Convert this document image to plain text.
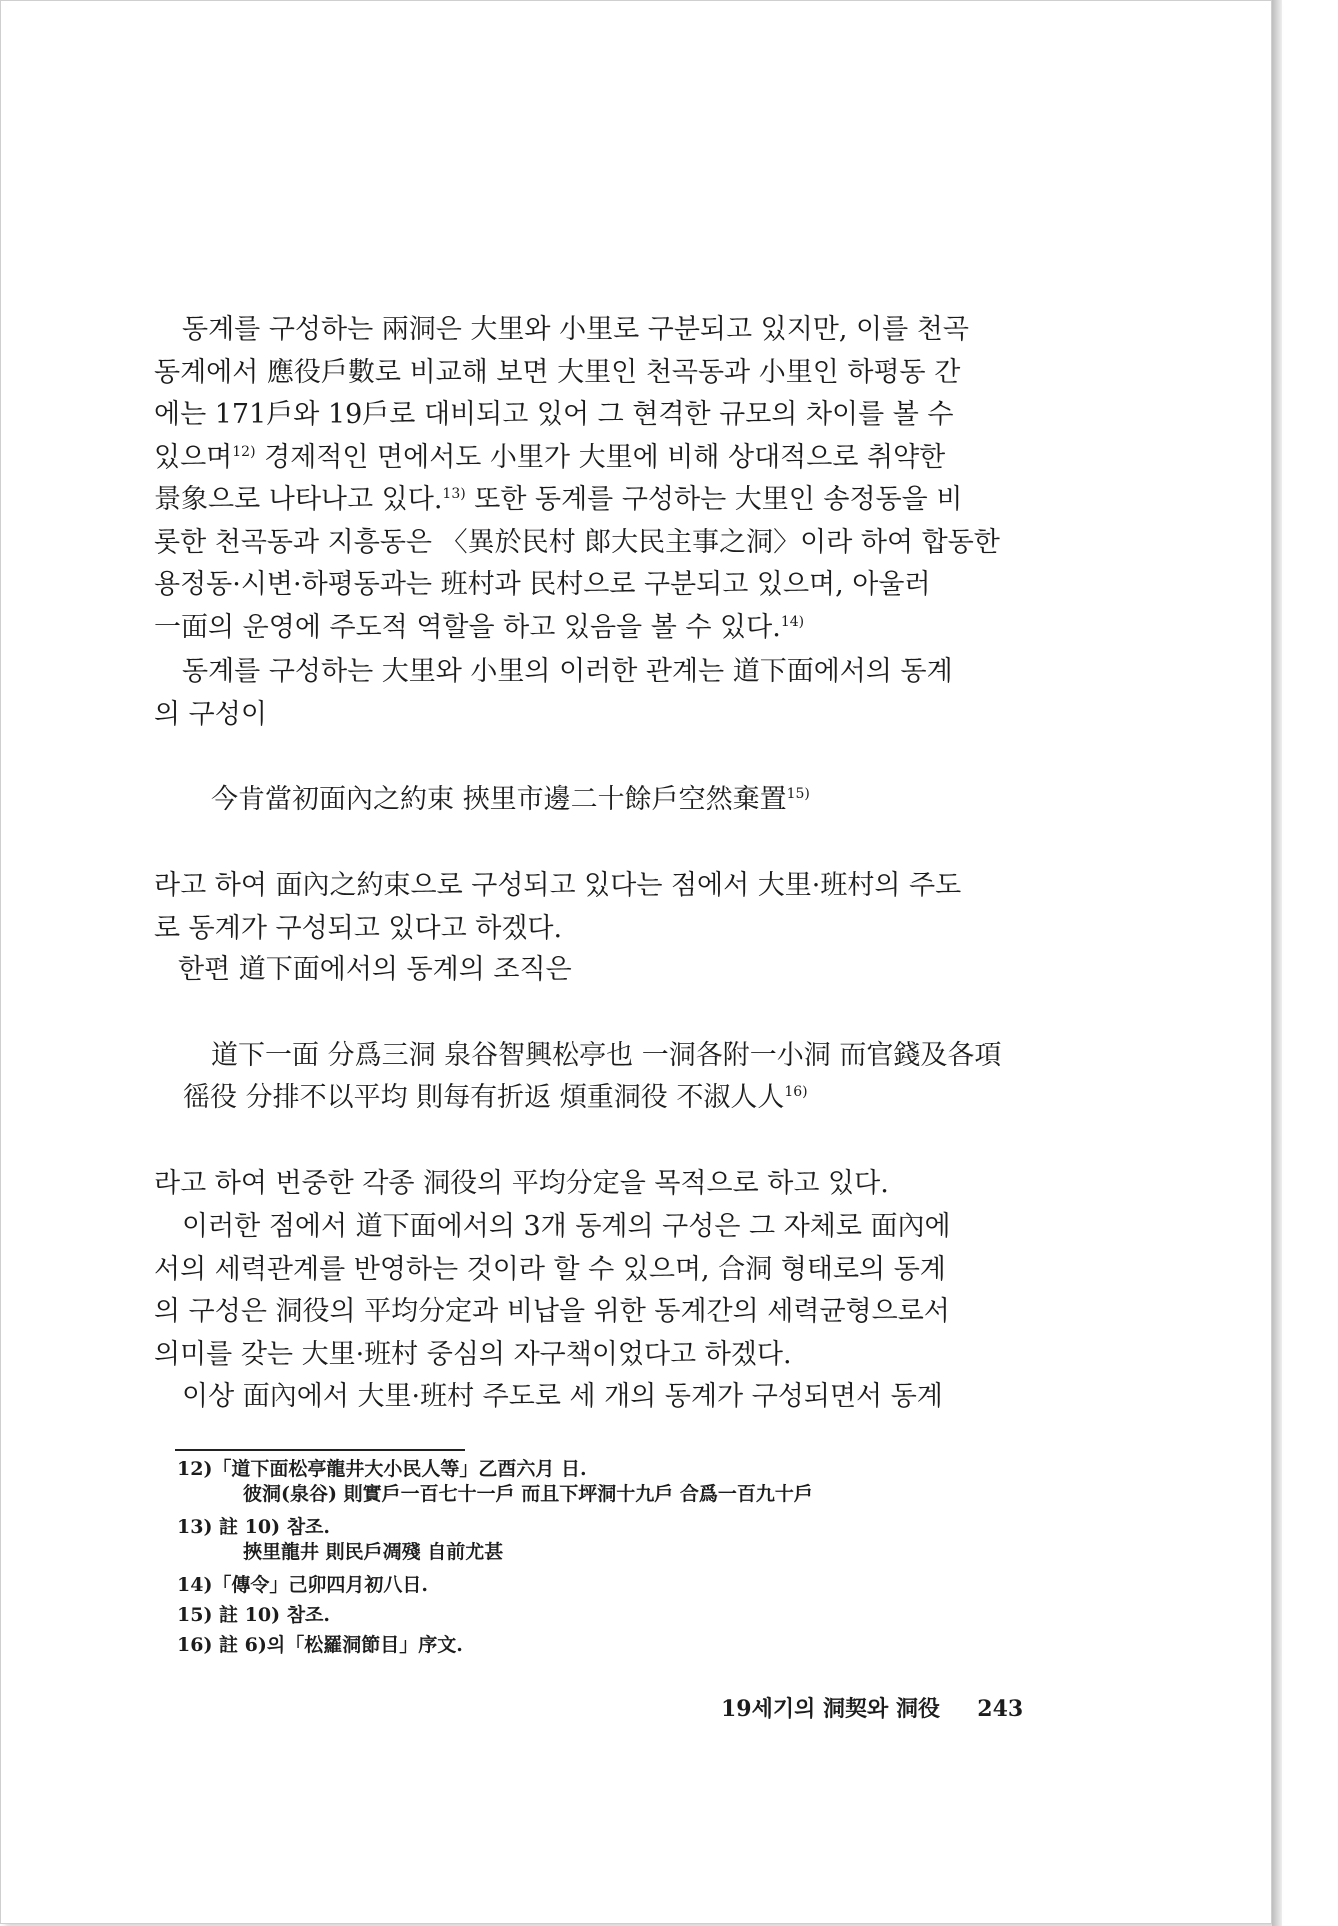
동계를 구성하는 兩洞은 大里와 小里로 구분되고 있지만, 이를 천곡
동계에서 應役戶數로 비교해 보면 大里인 천곡동과 小里인 하평동 간
에는 171戶와 19戶로 대비되고 있어 그 현격한 규모의 차이를 볼 수
있으며$^{12)}$ 경제적인 면에서도 小里가 大里에 비해 상대적으로 취약한
景象으로 나타나고 있다.$^{13)}$ 또한 동계를 구성하는 大里인 송정동을 비
롯한 천곡동과 지흥동은 〈異於民村 郞大民主事之洞〉이라 하여 합동한
용정동·시변·하평동과는 班村과 民村으로 구분되고 있으며, 아울러
一面의 운영에 주도적 역할을 하고 있음을 볼 수 있다.$^{14)}$

동계를 구성하는 大里와 小里의 이러한 관계는 道下面에서의 동계
의 구성이

今肯當初面內之約束 挾里市邊二十餘戶空然棄置$^{15)}$

라고 하여 面內之約束으로 구성되고 있다는 점에서 大里·班村의 주도
로 동계가 구성되고 있다고 하겠다.

한편 道下面에서의 동계의 조직은

道下一面 分爲三洞 泉谷智興松亭也 一洞各附一小洞 而官錢及各項
徭役 分排不以平均 則每有折返 煩重洞役 不淑人人$^{16)}$

라고 하여 번중한 각종 洞役의 平均分定을 목적으로 하고 있다.

이러한 점에서 道下面에서의 3개 동계의 구성은 그 자체로 面內에
서의 세력관계를 반영하는 것이라 할 수 있으며, 合洞 형태로의 동계
의 구성은 洞役의 平均分定과 비납을 위한 동계간의 세력균형으로서
의미를 갖는 大里·班村 중심의 자구책이었다고 하겠다.

이상 面內에서 大里·班村 주도로 세 개의 동계가 구성되면서 동계

12)「道下面松亭龍井大小民人等」乙酉六月 日.
彼洞(泉谷) 則實戶一百七十一戶 而且下坪洞十九戶 合爲一百九十戶

13) 註 10) 참조.
挾里龍井 則民戶凋殘 自前尤甚

14)「傳令」己卯四月初八日.

15) 註 10) 참조.

16) 註 6)의「松羅洞節目」序文.

19세기의 洞契와 洞役 243
